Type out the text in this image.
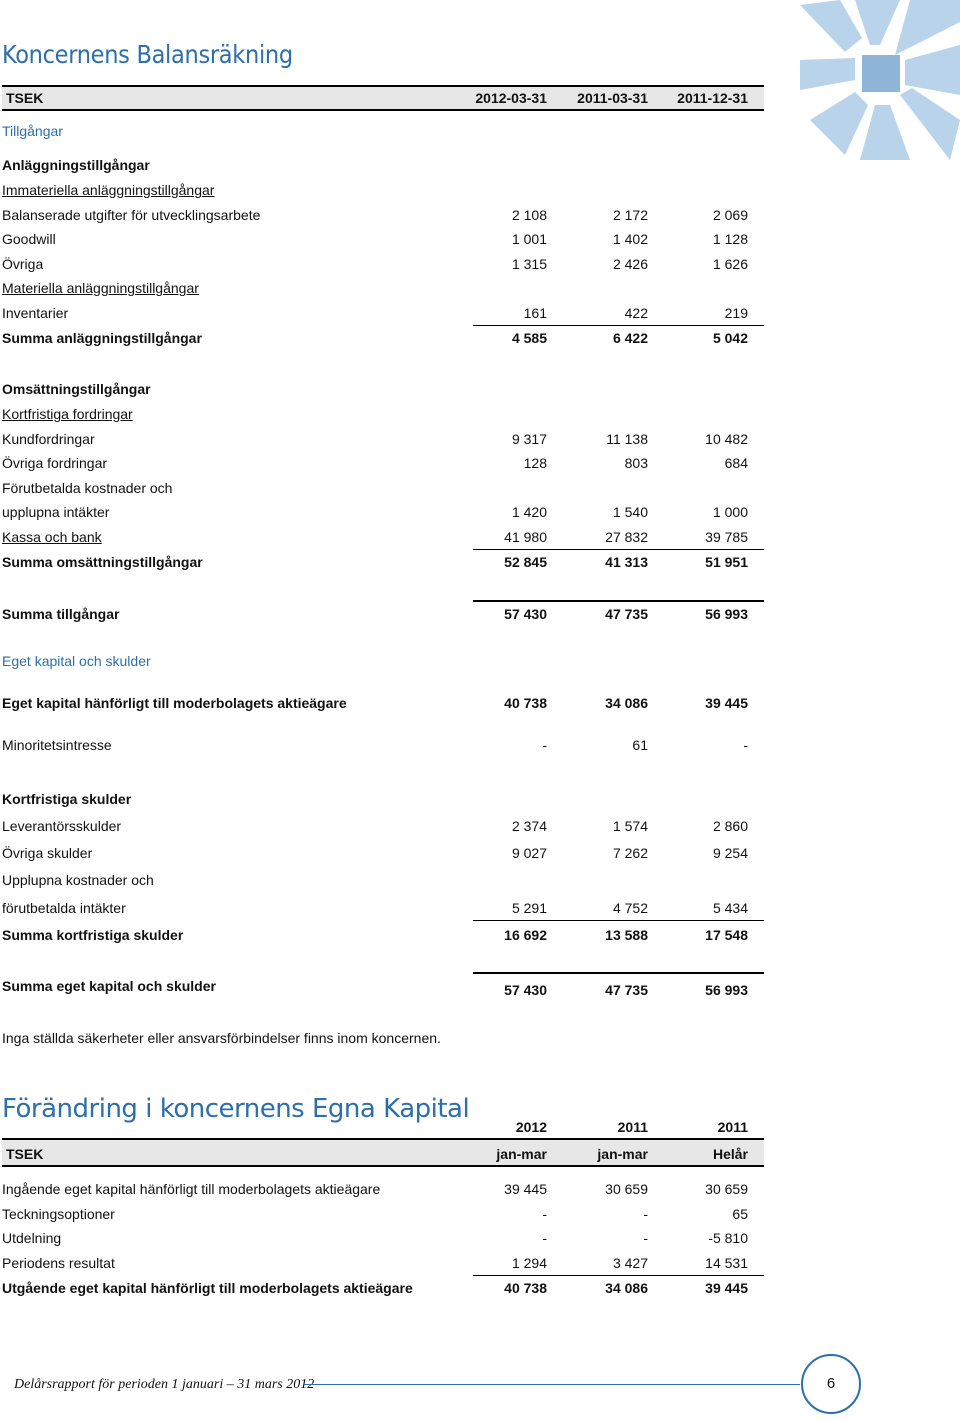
Koncernens Balansräkning
TSEK	2012-03-31	2011-03-31	2011-12-31
Tillgångar
Anläggningstillgångar
Immateriella anläggningstillgångar
Balanserade utgifter för utvecklingsarbete	2 108	2 172	2 069
Goodwill	1 001	1 402	1 128
Övriga	1 315	2 426	1 626
Materiella anläggningstillgångar
Inventarier	161	422	219
Summa anläggningstillgångar	4 585	6 422	5 042
Omsättningstillgångar
Kortfristiga fordringar
Kundfordringar	9 317	11 138	10 482
Övriga fordringar	128	803	684
Förutbetalda kostnader och
upplupna intäkter	1 420	1 540	1 000
Kassa och bank	41 980	27 832	39 785
Summa omsättningstillgångar	52 845	41 313	51 951
Summa tillgångar	57 430	47 735	56 993
Eget kapital och skulder
Eget kapital hänförligt till moderbolagets aktieägare	40 738	34 086	39 445
Minoritetsintresse	-	61	-
Kortfristiga skulder
Leverantörsskulder	2 374	1 574	2 860
Övriga skulder	9 027	7 262	9 254
Upplupna kostnader och
förutbetalda intäkter	5 291	4 752	5 434
Summa kortfristiga skulder	16 692	13 588	17 548
Summa eget kapital och skulder	57 430	47 735	56 993
Inga ställda säkerheter eller ansvarsförbindelser finns inom koncernen.
Förändring i koncernens Egna Kapital
2012	2011	2011
TSEK	jan-mar	jan-mar	Helår
Ingående eget kapital hänförligt till moderbolagets aktieägare	39 445	30 659	30 659
Teckningsoptioner	-	-	65
Utdelning	-	-	-5 810
Periodens resultat	1 294	3 427	14 531
Utgående eget kapital hänförligt till moderbolagets aktieägare	40 738	34 086	39 445
Delårsrapport för perioden 1 januari – 31 mars 2012	6
